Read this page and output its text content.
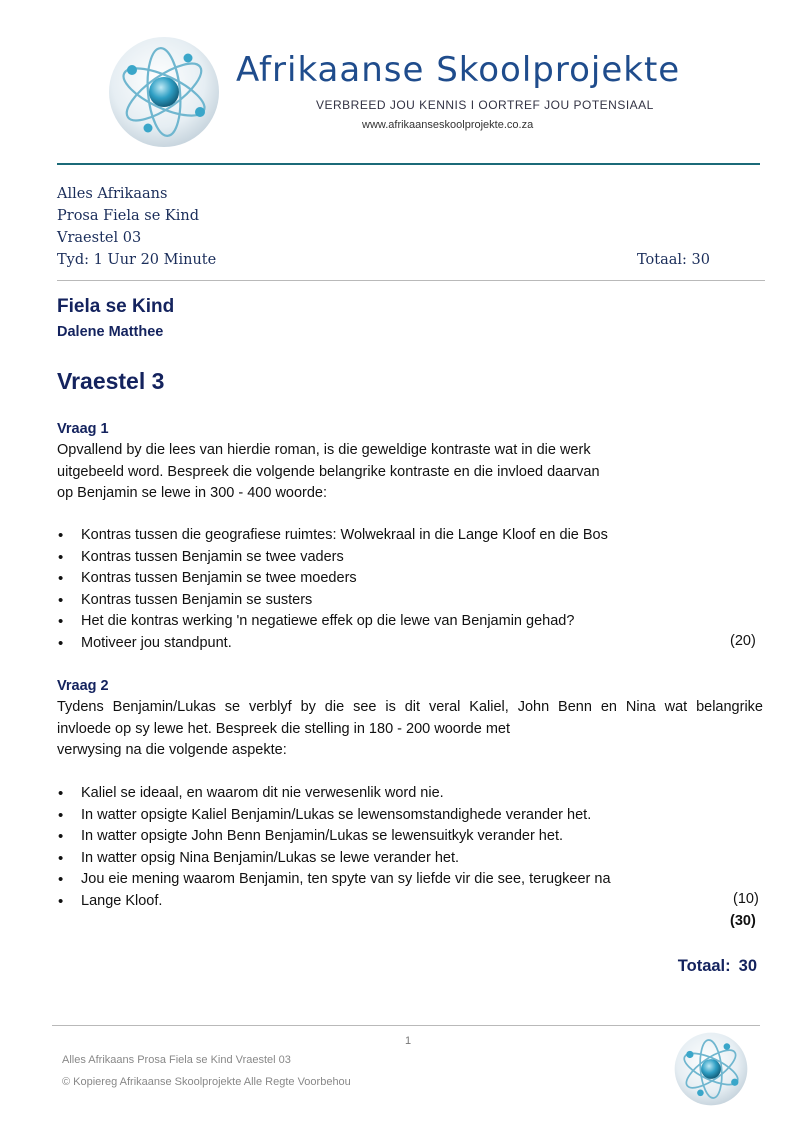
Afrikaanse Skoolprojekte
VERBREED JOU KENNIS I OORTREF JOU POTENSIAAL
www.afrikaanseskoolprojekte.co.za
Alles Afrikaans
Prosa Fiela se Kind
Vraestel 03
Tyd: 1 Uur 20 Minute	Totaal: 30
Fiela se Kind
Dalene Matthee
Vraestel 3
Vraag 1
Opvallend by die lees van hierdie roman, is die geweldige kontraste wat in die werk
uitgebeeld word. Bespreek die volgende belangrike kontraste en die invloed daarvan
op Benjamin se lewe in 300 - 400 woorde:
• Kontras tussen die geografiese ruimtes: Wolwekraal in die Lange Kloof en die Bos
• Kontras tussen Benjamin se twee vaders
• Kontras tussen Benjamin se twee moeders
• Kontras tussen Benjamin se susters
• Het die kontras werking 'n negatiewe effek op die lewe van Benjamin gehad?
• Motiveer jou standpunt.	(20)
Vraag 2
Tydens Benjamin/Lukas se verblyf by die see is dit veral Kaliel, John Benn en Nina wat belangrike
invloede op sy lewe het. Bespreek die stelling in 180 - 200 woorde met
verwysing na die volgende aspekte:
• Kaliel se ideaal, en waarom dit nie verwesenlik word nie.
• In watter opsigte Kaliel Benjamin/Lukas se lewensomstandighede verander het.
• In watter opsigte John Benn Benjamin/Lukas se lewensuitkyk verander het.
• In watter opsig Nina Benjamin/Lukas se lewe verander het.
• Jou eie mening waarom Benjamin, ten spyte van sy liefde vir die see, terugkeer na
• Lange Kloof.	(10)
(30)
Totaal: 30
1
Alles Afrikaans Prosa Fiela se Kind Vraestel 03
© Kopiereg Afrikaanse Skoolprojekte Alle Regte Voorbehou
